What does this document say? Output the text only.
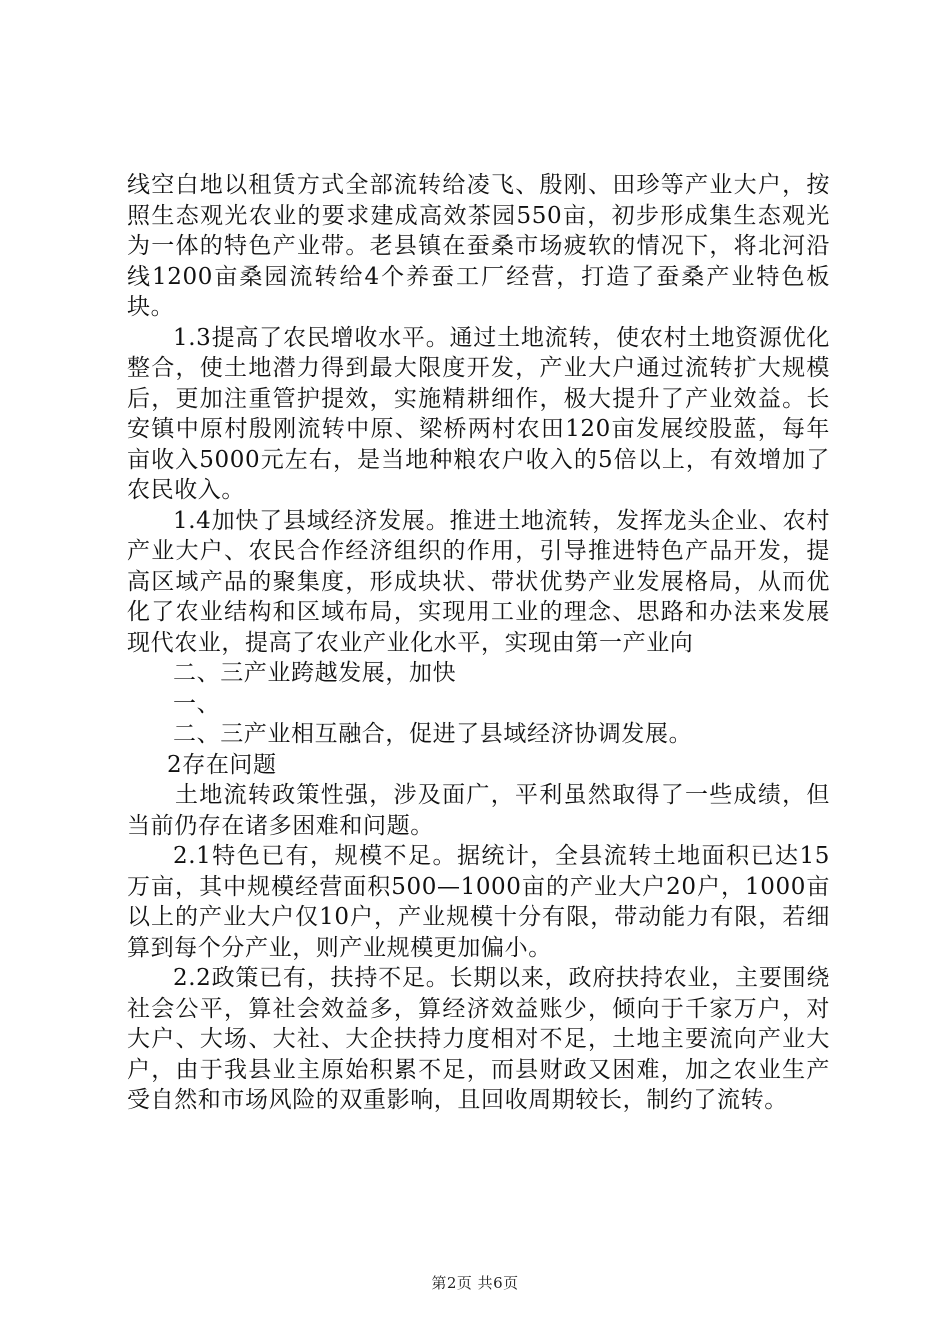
线空白地以租赁方式全部流转给凌飞、殷刚、田珍等产业大户，按照生态观光农业的要求建成高效茶园550亩，初步形成集生态观光为一体的特色产业带。老县镇在蚕桑市场疲软的情况下，将北河沿线1200亩桑园流转给4个养蚕工厂经营，打造了蚕桑产业特色板块。

1.3提高了农民增收水平。通过土地流转，使农村土地资源优化整合，使土地潜力得到最大限度开发，产业大户通过流转扩大规模后，更加注重管护提效，实施精耕细作，极大提升了产业效益。长安镇中原村殷刚流转中原、梁桥两村农田120亩发展绞股蓝，每年亩收入5000元左右，是当地种粮农户收入的5倍以上，有效增加了农民收入。

1.4加快了县域经济发展。推进土地流转，发挥龙头企业、农村产业大户、农民合作经济组织的作用，引导推进特色产品开发，提高区域产品的聚集度，形成块状、带状优势产业发展格局，从而优化了农业结构和区域布局，实现用工业的理念、思路和办法来发展现代农业，提高了农业产业化水平，实现由第一产业向

二、三产业跨越发展，加快

一、

二、三产业相互融合，促进了县域经济协调发展。

2存在问题

土地流转政策性强，涉及面广，平利虽然取得了一些成绩，但当前仍存在诸多困难和问题。

2.1特色已有，规模不足。据统计，全县流转土地面积已达15万亩，其中规模经营面积500—1000亩的产业大户20户，1000亩以上的产业大户仅10户，产业规模十分有限，带动能力有限，若细算到每个分产业，则产业规模更加偏小。

2.2政策已有，扶持不足。长期以来，政府扶持农业，主要围绕社会公平，算社会效益多，算经济效益账少，倾向于千家万户，对大户、大场、大社、大企扶持力度相对不足，土地主要流向产业大户，由于我县业主原始积累不足，而县财政又困难，加之农业生产受自然和市场风险的双重影响，且回收周期较长，制约了流转。

第2页 共6页
